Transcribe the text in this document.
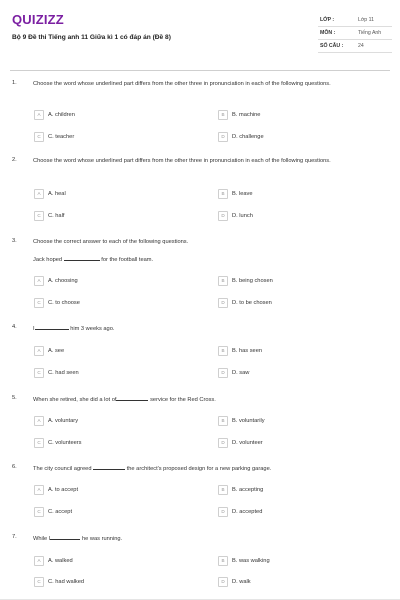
QUIZIZZ
Bộ 9 Đề thi Tiếng anh 11 Giữa kì 1 có đáp án (Đề 8)
LỚP :	Lớp 11
MÔN :	Tiếng Anh
SỐ CÂU :	24
1.	Choose the word whose underlined part differs from the other three in pronunciation in each of the following questions.
A A. children	B B. machine
C C. teacher	D D. challenge
2.	Choose the word whose underlined part differs from the other three in pronunciation in each of the following questions.
A A. heal	B B. leave
C C. half	D D. lunch
3.	Choose the correct answer to each of the following questions.
Jack hoped	for the football team.
A A. choosing	B B. being chosen
C C. to choose	D D. to be chosen
4.	I	him 3 weeks ago.
A A. see	B B. has seen
C C. had seen	D D. saw
5.	When she retired, she did a lot of	service for the Red Cross.
A A. voluntary	B B. voluntarily
C C. volunteers	D D. volunteer
6.	The city council agreed	the architect's proposed design for a new parking garage.
A A. to accept	B B. accepting
C C. accept	D D. accepted
7.	While I	he was running.
A A. walked	B B. was walking
C C. had walked	D D. walk
